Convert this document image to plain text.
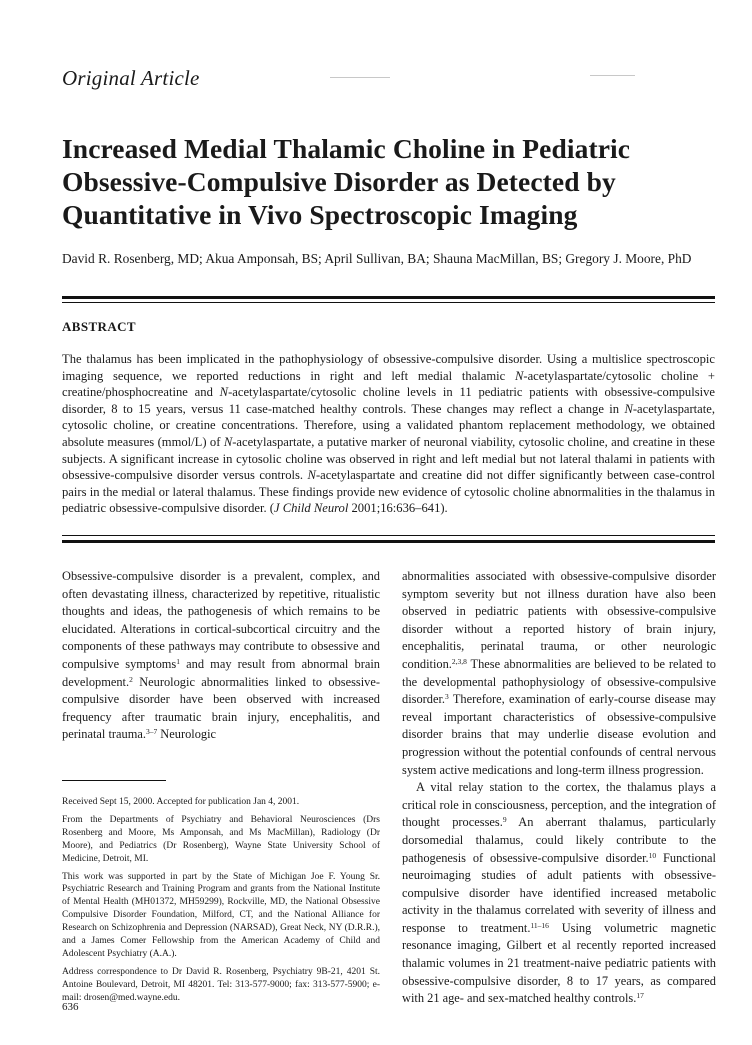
Original Article
Increased Medial Thalamic Choline in Pediatric Obsessive-Compulsive Disorder as Detected by Quantitative in Vivo Spectroscopic Imaging
David R. Rosenberg, MD; Akua Amponsah, BS; April Sullivan, BA; Shauna MacMillan, BS; Gregory J. Moore, PhD
ABSTRACT
The thalamus has been implicated in the pathophysiology of obsessive-compulsive disorder. Using a multislice spectroscopic imaging sequence, we reported reductions in right and left medial thalamic N-acetylaspartate/cytosolic choline + creatine/phosphocreatine and N-acetylaspartate/cytosolic choline levels in 11 pediatric patients with obsessive-compulsive disorder, 8 to 15 years, versus 11 case-matched healthy controls. These changes may reflect a change in N-acetylaspartate, cytosolic choline, or creatine concentrations. Therefore, using a validated phantom replacement methodology, we obtained absolute measures (mmol/L) of N-acetylaspartate, a putative marker of neuronal viability, cytosolic choline, and creatine in these subjects. A significant increase in cytosolic choline was observed in right and left medial but not lateral thalami in patients with obsessive-compulsive disorder versus controls. N-acetylaspartate and creatine did not differ significantly between case-control pairs in the medial or lateral thalamus. These findings provide new evidence of cytosolic choline abnormalities in the thalamus in pediatric obsessive-compulsive disorder. (J Child Neurol 2001;16:636–641).

Obsessive-compulsive disorder is a prevalent, complex, and often devastating illness, characterized by repetitive, ritualistic thoughts and ideas, the pathogenesis of which remains to be elucidated. Alterations in cortical-subcortical circuitry and the components of these pathways may contribute to obsessive and compulsive symptoms$^1$ and may result from abnormal brain development.$^2$ Neurologic abnormalities linked to obsessive-compulsive disorder have been observed with increased frequency after traumatic brain injury, encephalitis, and perinatal trauma.$^{3-7}$ Neurologic

Received Sept 15, 2000. Accepted for publication Jan 4, 2001.

From the Departments of Psychiatry and Behavioral Neurosciences (Drs Rosenberg and Moore, Ms Amponsah, and Ms MacMillan), Radiology (Dr Moore), and Pediatrics (Dr Rosenberg), Wayne State University School of Medicine, Detroit, MI.

This work was supported in part by the State of Michigan Joe F. Young Sr. Psychiatric Research and Training Program and grants from the National Institute of Mental Health (MH01372, MH59299), Rockville, MD, the National Obsessive Compulsive Disorder Foundation, Milford, CT, and the National Alliance for Research on Schizophrenia and Depression (NARSAD), Great Neck, NY (D.R.R.), and a James Comer Fellowship from the American Academy of Child and Adolescent Psychiatry (A.A.).

Address correspondence to Dr David R. Rosenberg, Psychiatry 9B-21, 4201 St. Antoine Boulevard, Detroit, MI 48201. Tel: 313-577-9000; fax: 313-577-5900; e-mail: drosen@med.wayne.edu.

abnormalities associated with obsessive-compulsive disorder symptom severity but not illness duration have also been observed in pediatric patients with obsessive-compulsive disorder without a reported history of brain injury, encephalitis, perinatal trauma, or other neurologic condition.$^{2,3,8}$ These abnormalities are believed to be related to the developmental pathophysiology of obsessive-compulsive disorder.$^3$ Therefore, examination of early-course disease may reveal important characteristics of obsessive-compulsive disorder brains that may underlie disease evolution and progression without the potential confounds of central nervous system active medications and long-term illness progression.

A vital relay station to the cortex, the thalamus plays a critical role in consciousness, perception, and the integration of thought processes.$^9$ An aberrant thalamus, particularly dorsomedial thalamus, could likely contribute to the pathogenesis of obsessive-compulsive disorder.$^{10}$ Functional neuroimaging studies of adult patients with obsessive-compulsive disorder have identified increased metabolic activity in the thalamus correlated with severity of illness and response to treatment.$^{11-16}$ Using volumetric magnetic resonance imaging, Gilbert et al recently reported increased thalamic volumes in 21 treatment-naive pediatric patients with obsessive-compulsive disorder, 8 to 17 years, as compared with 21 age- and sex-matched healthy controls.$^{17}$

636
